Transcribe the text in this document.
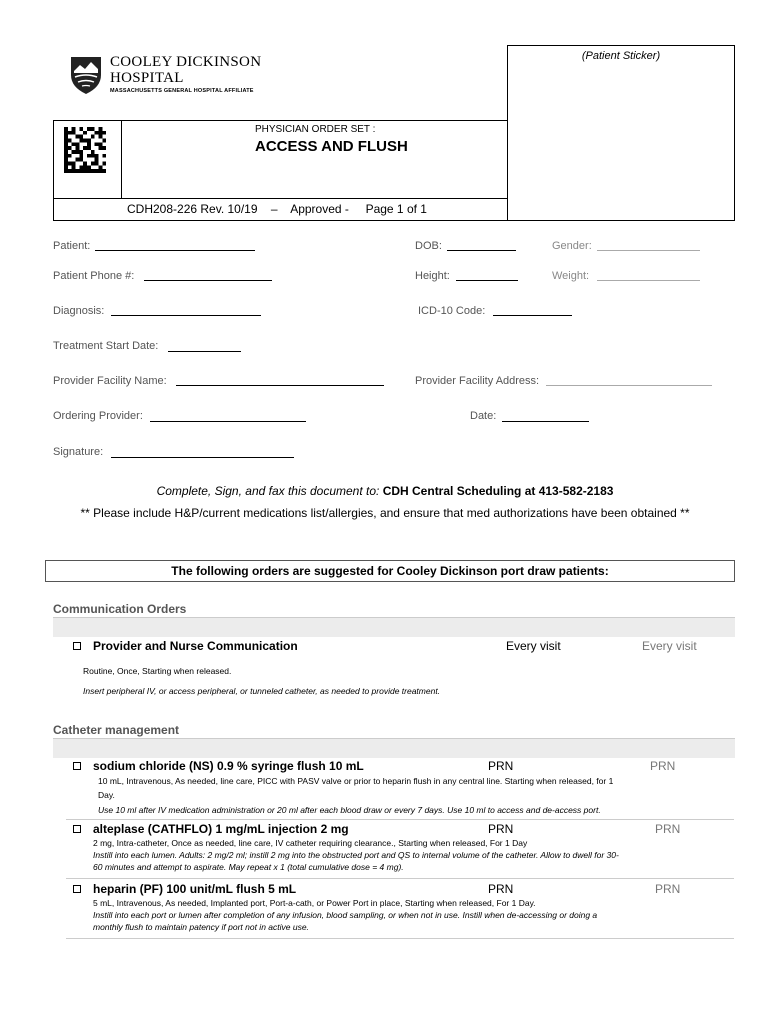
COOLEY DICKINSON
HOSPITAL
MASSACHUSETTS GENERAL HOSPITAL AFFILIATE
(Patient Sticker)
PHYSICIAN ORDER SET :
ACCESS AND FLUSH
CDH208-226 Rev. 10/19    –    Approved -     Page 1 of 1
Patient:	DOB:	Gender:
Patient Phone #:	Height:	Weight:
Diagnosis:	ICD-10 Code:
Treatment Start Date:
Provider Facility Name:	Provider Facility Address:
Ordering Provider:	Date:
Signature:
Complete, Sign, and fax this document to: CDH Central Scheduling at 413-582-2183
** Please include H&P/current medications list/allergies, and ensure that med authorizations have been obtained **
The following orders are suggested for Cooley Dickinson port draw patients:
Communication Orders
Provider and Nurse Communication	Every visit	Every visit
Routine, Once, Starting when released.
Insert peripheral IV, or access peripheral, or tunneled catheter, as needed to provide treatment.
Catheter management
sodium chloride (NS) 0.9 % syringe flush 10 mL	PRN	PRN
10 mL, Intravenous, As needed, line care, PICC with PASV valve or prior to heparin flush in any central line. Starting when released, for 1
Day.
Use 10 ml after IV medication administration or 20 ml after each blood draw or every 7 days. Use 10 ml to access and de-access port.
alteplase (CATHFLO) 1 mg/mL injection 2 mg	PRN	PRN
2 mg, Intra-catheter, Once as needed, line care, IV catheter requiring clearance., Starting when released, For 1 Day
Instill into each lumen. Adults: 2 mg/2 ml; instill 2 mg into the obstructed port and QS to internal volume of the catheter. Allow to dwell for 30-
60 minutes and attempt to aspirate. May repeat x 1 (total cumulative dose = 4 mg).
heparin (PF) 100 unit/mL flush 5 mL	PRN	PRN
5 mL, Intravenous, As needed, Implanted port, Port-a-cath, or Power Port in place, Starting when released, For 1 Day.
Instill into each port or lumen after completion of any infusion, blood sampling, or when not in use. Instill when de-accessing or doing a
monthly flush to maintain patency if port not in active use.
